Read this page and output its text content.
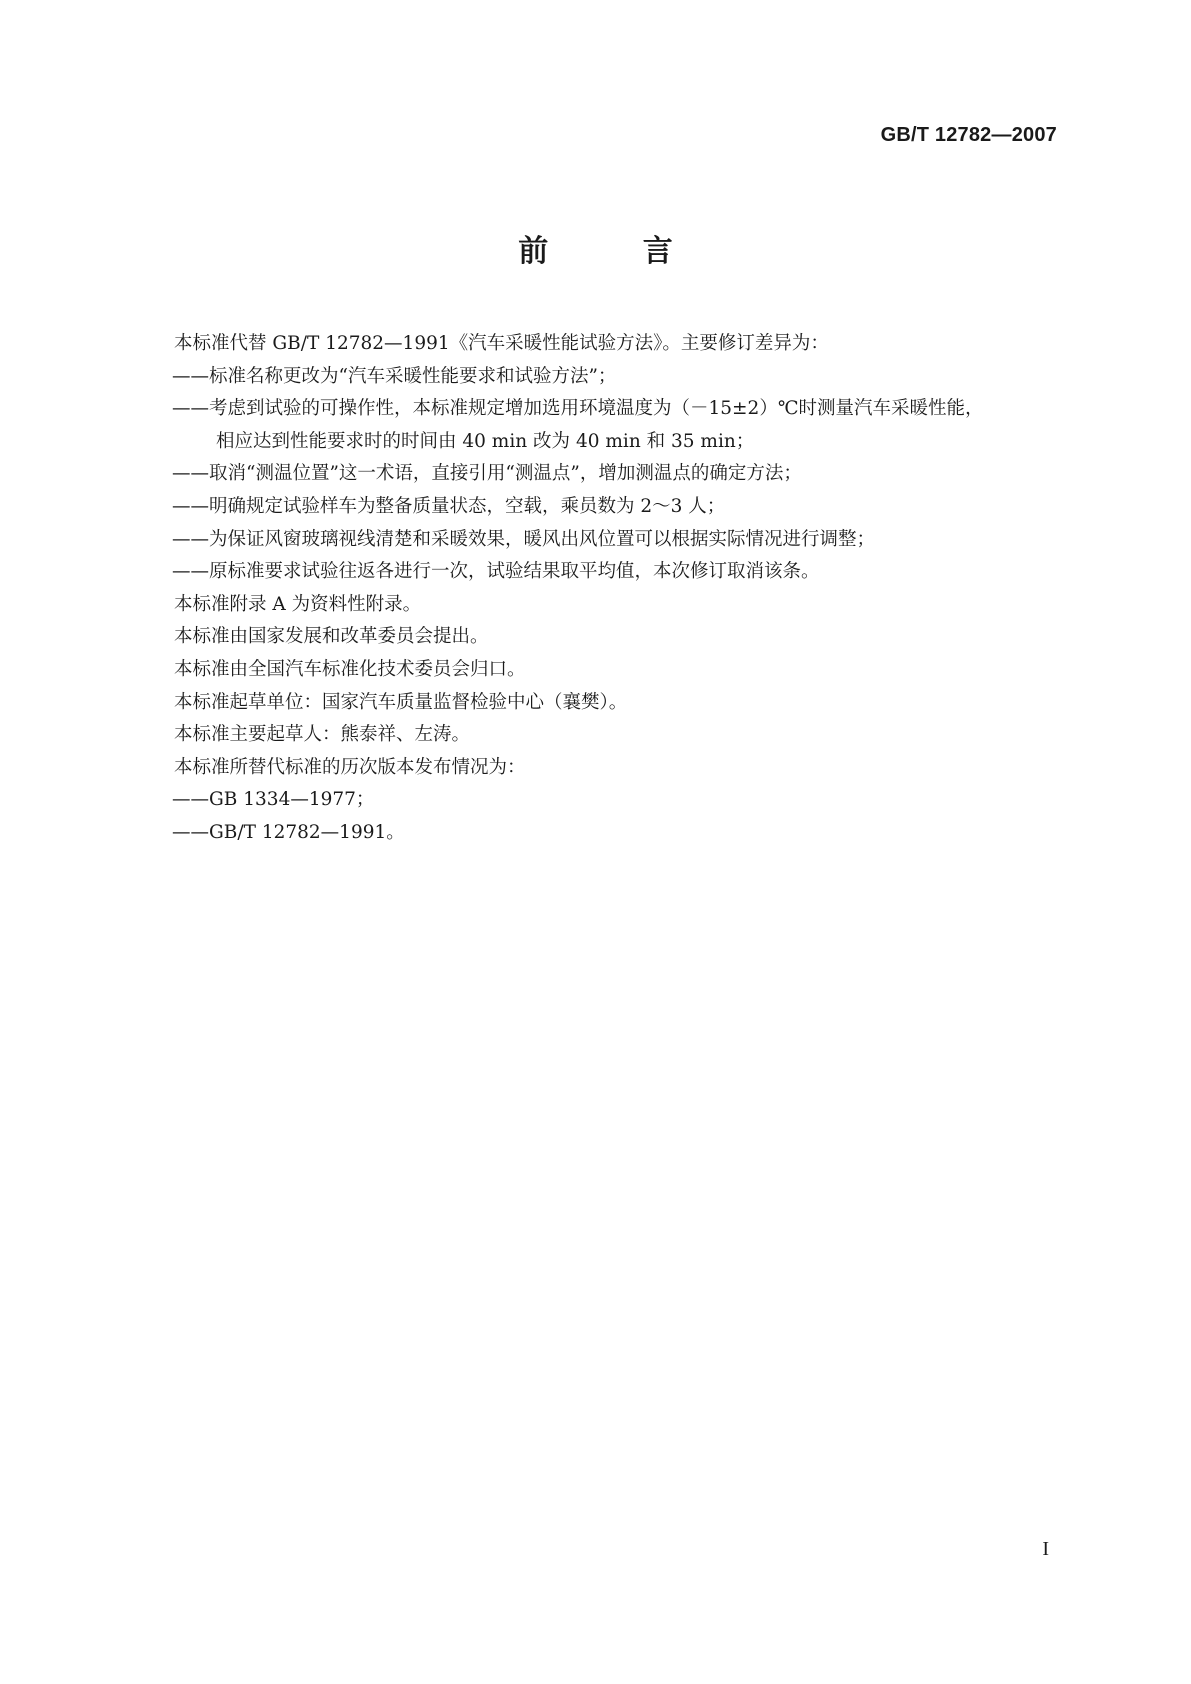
GB/T 12782—2007
前 言

本标准代替 GB/T 12782—1991《汽车采暖性能试验方法》。主要修订差异为：

——标准名称更改为“汽车采暖性能要求和试验方法”；

——考虑到试验的可操作性，本标准规定增加选用环境温度为（－15±2）℃时测量汽车采暖性能，

相应达到性能要求时的时间由 40 min 改为 40 min 和 35 min；

——取消“测温位置”这一术语，直接引用“测温点”，增加测温点的确定方法；

——明确规定试验样车为整备质量状态，空载，乘员数为 2～3 人；

——为保证风窗玻璃视线清楚和采暖效果，暖风出风位置可以根据实际情况进行调整；

——原标准要求试验往返各进行一次，试验结果取平均值，本次修订取消该条。

本标准附录 A 为资料性附录。

本标准由国家发展和改革委员会提出。

本标准由全国汽车标准化技术委员会归口。

本标准起草单位：国家汽车质量监督检验中心（襄樊）。

本标准主要起草人：熊泰祥、左涛。

本标准所替代标准的历次版本发布情况为：

——GB 1334—1977；

——GB/T 12782—1991。

I
